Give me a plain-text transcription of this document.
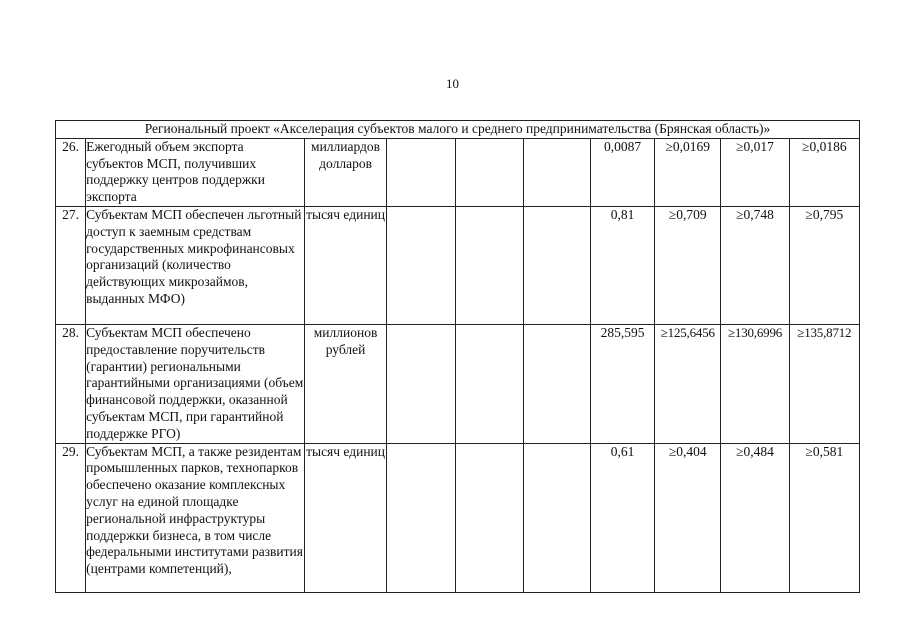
10
Региональный проект «Акселерация субъектов малого и среднего предпринимательства (Брянская область)»									
26.	Ежегодный объем экспорта субъектов МСП, получивших поддержку центров поддержки экспорта	миллиардов долларов				0,0087	≥0,0169	≥0,017	≥0,0186
27.	Субъектам МСП обеспечен льготный доступ к заемным средствам государственных микрофинансовых организаций (количество действующих микрозаймов, выданных МФО)	тысяч единиц				0,81	≥0,709	≥0,748	≥0,795
28.	Субъектам МСП обеспечено предоставление поручительств (гарантии) региональными гарантийными организациями (объем финансовой поддержки, оказанной субъектам МСП, при гарантийной поддержке РГО)	миллионов рублей				285,595	≥125,6456	≥130,6996	≥135,8712
29.	Субъектам МСП, а также резидентам промышленных парков, технопарков обеспечено оказание комплексных услуг на единой площадке региональной инфраструктуры поддержки бизнеса, в том числе федеральными институтами развития (центрами компетенций),	тысяч единиц				0,61	≥0,404	≥0,484	≥0,581
